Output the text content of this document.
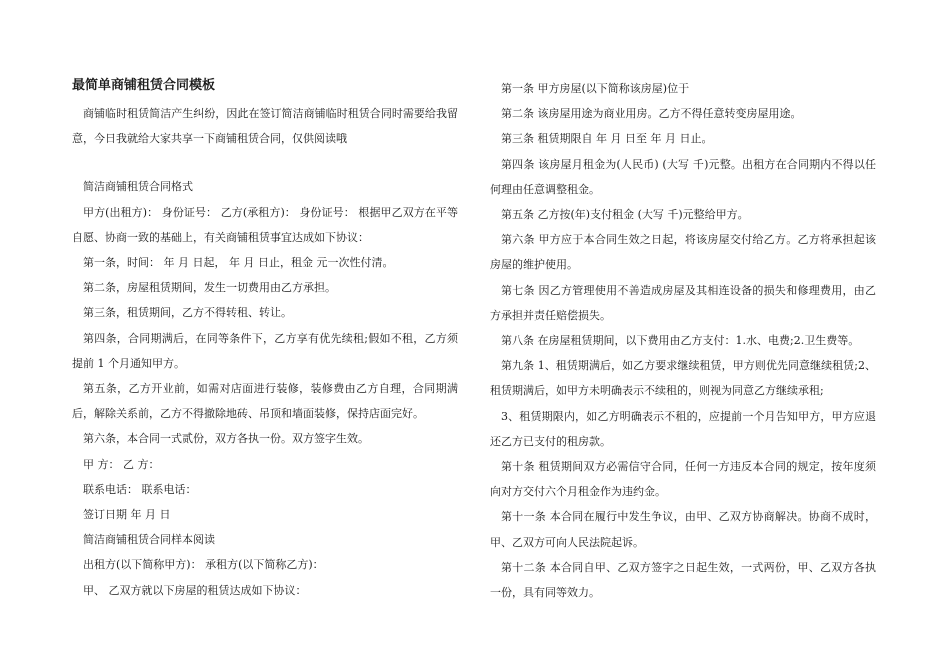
最简单商铺租赁合同模板

商铺临时租赁简洁产生纠纷，因此在签订简洁商铺临时租赁合同时需要给我留意，今日我就给大家共享一下商铺租赁合同，仅供阅读哦

简洁商铺租赁合同格式

甲方(出租方)： 身份证号： 乙方(承租方)： 身份证号： 根据甲乙双方在平等自愿、协商一致的基础上，有关商铺租赁事宜达成如下协议：

第一条，时间： 年 月 日起， 年 月 日止，租金 元一次性付清。

第二条，房屋租赁期间，发生一切费用由乙方承担。

第三条，租赁期间，乙方不得转租、转让。

第四条，合同期满后，在同等条件下，乙方享有优先续租;假如不租，乙方须提前 1 个月通知甲方。

第五条，乙方开业前，如需对店面进行装修，装修费由乙方自理，合同期满后，解除关系前，乙方不得撤除地砖、吊顶和墙面装修，保持店面完好。

第六条，本合同一式贰份，双方各执一份。双方签字生效。

甲 方： 乙 方：

联系电话： 联系电话：

签订日期 年 月 日

简洁商铺租赁合同样本阅读

出租方(以下简称甲方)： 承租方(以下简称乙方)：

甲、 乙双方就以下房屋的租赁达成如下协议：

第一条 甲方房屋(以下简称该房屋)位于

第二条 该房屋用途为商业用房。乙方不得任意转变房屋用途。

第三条 租赁期限自 年 月 日至 年 月 日止。

第四条 该房屋月租金为(人民币) (大写 千)元整。出租方在合同期内不得以任何理由任意调整租金。

第五条 乙方按(年)支付租金 (大写 千)元整给甲方。

第六条 甲方应于本合同生效之日起，将该房屋交付给乙方。乙方将承担起该房屋的维护使用。

第七条 因乙方管理使用不善造成房屋及其相连设备的损失和修理费用，由乙方承担并责任赔偿损失。

第八条 在房屋租赁期间，以下费用由乙方支付：1.水、电费;2.卫生费等。

第九条 1、租赁期满后，如乙方要求继续租赁，甲方则优先同意继续租赁;2、租赁期满后，如甲方未明确表示不续租的，则视为同意乙方继续承租;

3、租赁期限内，如乙方明确表示不租的，应提前一个月告知甲方，甲方应退还乙方已支付的租房款。

第十条 租赁期间双方必需信守合同，任何一方违反本合同的规定，按年度须向对方交付六个月租金作为违约金。

第十一条 本合同在履行中发生争议，由甲、乙双方协商解决。协商不成时，甲、乙双方可向人民法院起诉。

第十二条 本合同自甲、乙双方签字之日起生效，一式两份，甲、乙双方各执一份，具有同等效力。
